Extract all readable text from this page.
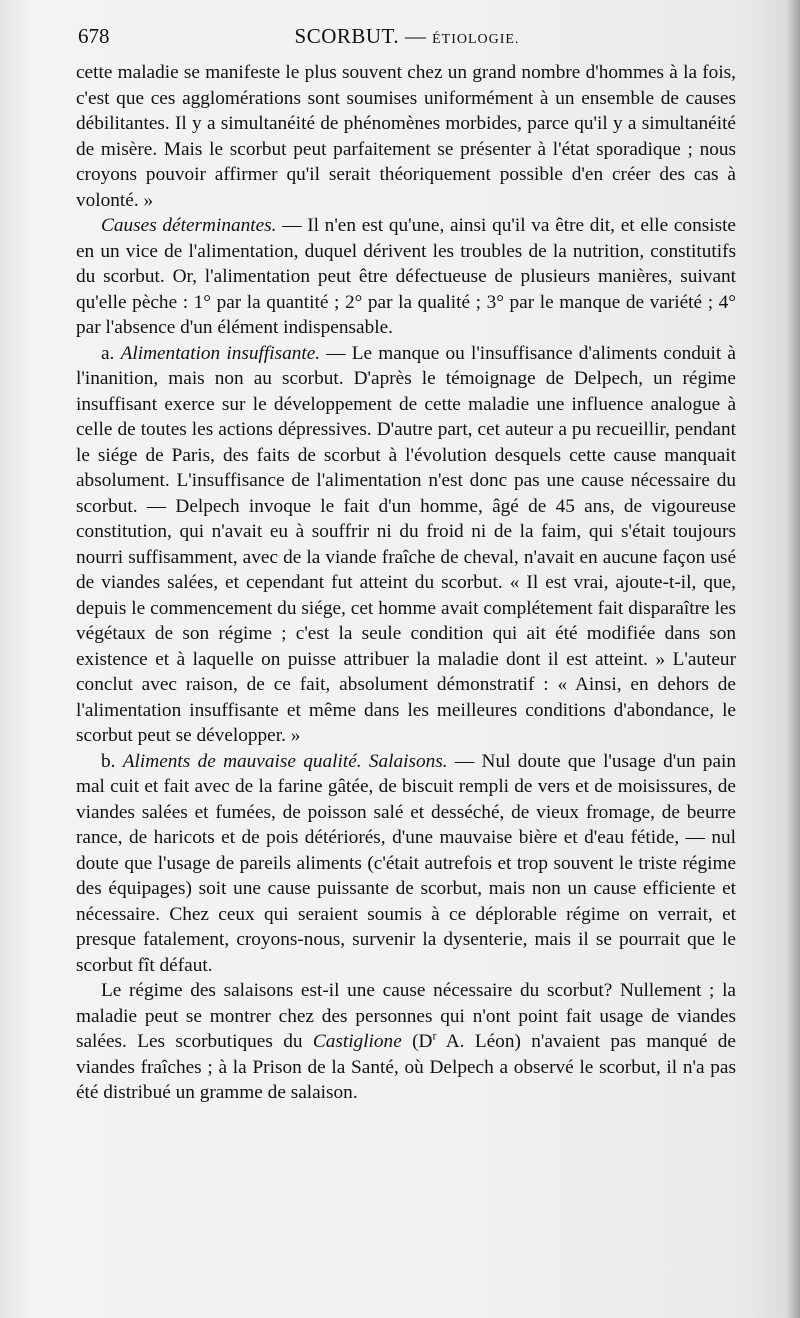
678	SCORBUT. — ÉTIOLOGIE.

cette maladie se manifeste le plus souvent chez un grand nombre d'hommes à la fois, c'est que ces agglomérations sont soumises uniformément à un ensemble de causes débilitantes. Il y a simultanéité de phénomènes morbides, parce qu'il y a simultanéité de misère. Mais le scorbut peut parfaitement se présenter à l'état sporadique ; nous croyons pouvoir affirmer qu'il serait théoriquement possible d'en créer des cas à volonté. »

Causes déterminantes. — Il n'en est qu'une, ainsi qu'il va être dit, et elle consiste en un vice de l'alimentation, duquel dérivent les troubles de la nutrition, constitutifs du scorbut. Or, l'alimentation peut être défectueuse de plusieurs manières, suivant qu'elle pèche : 1° par la quantité ; 2° par la qualité ; 3° par le manque de variété ; 4° par l'absence d'un élément indispensable.

a. Alimentation insuffisante. — Le manque ou l'insuffisance d'aliments conduit à l'inanition, mais non au scorbut. D'après le témoignage de Delpech, un régime insuffisant exerce sur le développement de cette maladie une influence analogue à celle de toutes les actions dépressives. D'autre part, cet auteur a pu recueillir, pendant le siége de Paris, des faits de scorbut à l'évolution desquels cette cause manquait absolument. L'insuffisance de l'alimentation n'est donc pas une cause nécessaire du scorbut. — Delpech invoque le fait d'un homme, âgé de 45 ans, de vigoureuse constitution, qui n'avait eu à souffrir ni du froid ni de la faim, qui s'était toujours nourri suffisamment, avec de la viande fraîche de cheval, n'avait en aucune façon usé de viandes salées, et cependant fut atteint du scorbut. « Il est vrai, ajoute-t-il, que, depuis le commencement du siége, cet homme avait complétement fait disparaître les végétaux de son régime ; c'est la seule condition qui ait été modifiée dans son existence et à laquelle on puisse attribuer la maladie dont il est atteint. » L'auteur conclut avec raison, de ce fait, absolument démonstratif : « Ainsi, en dehors de l'alimentation insuffisante et même dans les meilleures conditions d'abondance, le scorbut peut se développer. »

b. Aliments de mauvaise qualité. Salaisons. — Nul doute que l'usage d'un pain mal cuit et fait avec de la farine gâtée, de biscuit rempli de vers et de moisissures, de viandes salées et fumées, de poisson salé et desséché, de vieux fromage, de beurre rance, de haricots et de pois détériorés, d'une mauvaise bière et d'eau fétide, — nul doute que l'usage de pareils aliments (c'était autrefois et trop souvent le triste régime des équipages) soit une cause puissante de scorbut, mais non un cause efficiente et nécessaire. Chez ceux qui seraient soumis à ce déplorable régime on verrait, et presque fatalement, croyons-nous, survenir la dysenterie, mais il se pourrait que le scorbut fît défaut.

Le régime des salaisons est-il une cause nécessaire du scorbut? Nullement ; la maladie peut se montrer chez des personnes qui n'ont point fait usage de viandes salées. Les scorbutiques du Castiglione ($D^r$ A. Léon) n'avaient pas manqué de viandes fraîches ; à la Prison de la Santé, où Delpech a observé le scorbut, il n'a pas été distribué un gramme de salaison.
